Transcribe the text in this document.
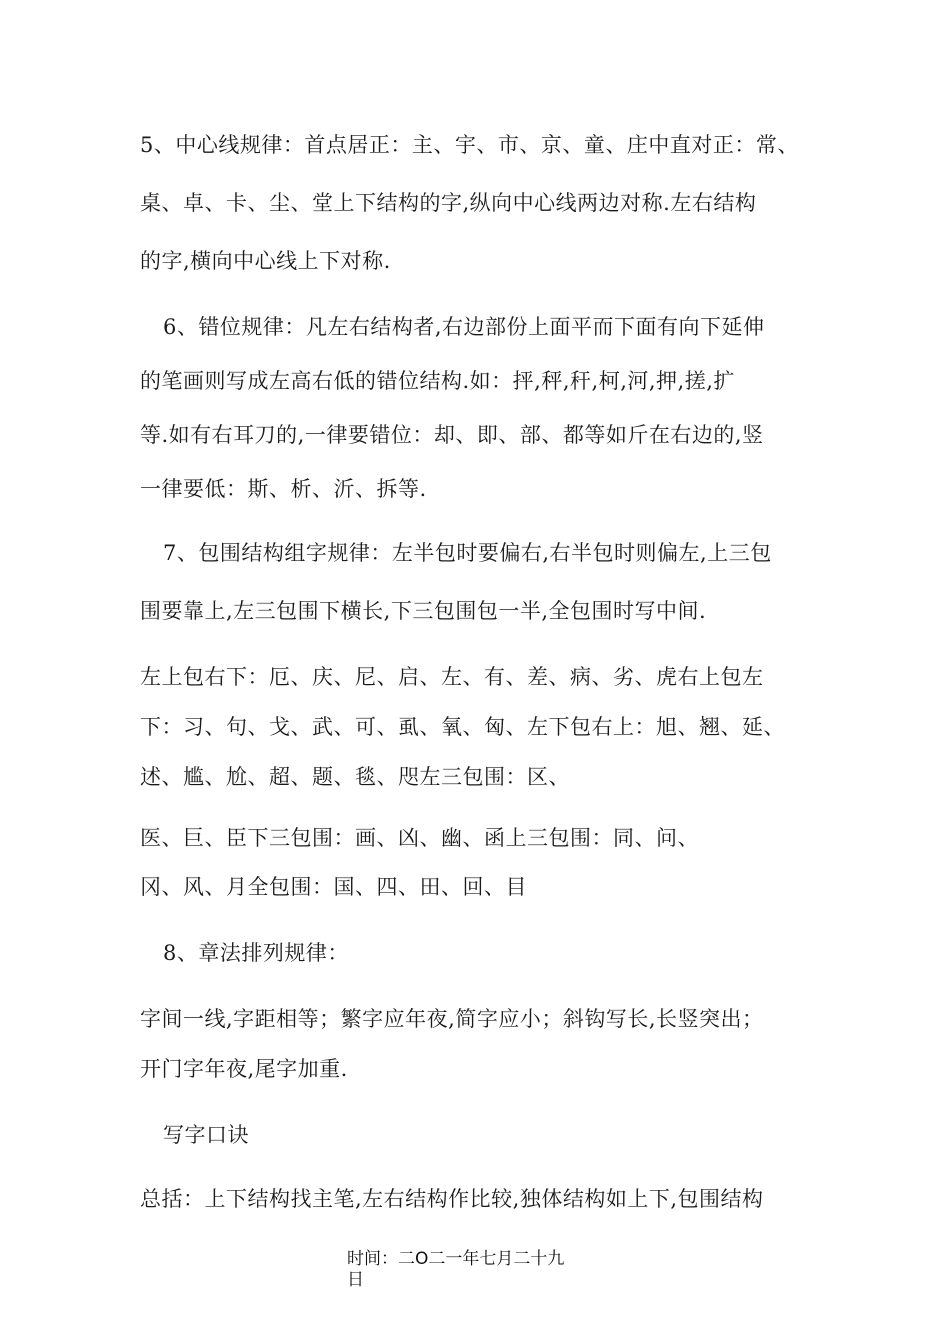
5、中心线规律：首点居正：主、宇、市、京、童、庄中直对正：常、
桌、卓、卡、尘、堂上下结构的字,纵向中心线两边对称.左右结构
的字,横向中心线上下对称.
6、错位规律：凡左右结构者,右边部份上面平而下面有向下延伸
的笔画则写成左高右低的错位结构.如：抨,秤,秆,柯,河,押,搓,扩
等.如有右耳刀的,一律要错位：却、即、部、都等如斤在右边的,竖
一律要低：斯、析、沂、拆等.
7、包围结构组字规律：左半包时要偏右,右半包时则偏左,上三包
围要靠上,左三包围下横长,下三包围包一半,全包围时写中间.
左上包右下：厄、庆、尼、启、左、有、差、病、劣、虎右上包左
下：习、句、戈、武、可、虱、氧、匈、左下包右上：旭、翘、延、
述、尴、尬、超、题、毯、咫左三包围：区、
医、巨、臣下三包围：画、凶、幽、函上三包围：同、问、
冈、风、月全包围：国、四、田、回、目
8、章法排列规律：
字间一线,字距相等；繁字应年夜,简字应小；斜钩写长,长竖突出；
开门字年夜,尾字加重.
写字口诀
总括：上下结构找主笔,左右结构作比较,独体结构如上下,包围结构
时间：二O二一年七月二十九
日
